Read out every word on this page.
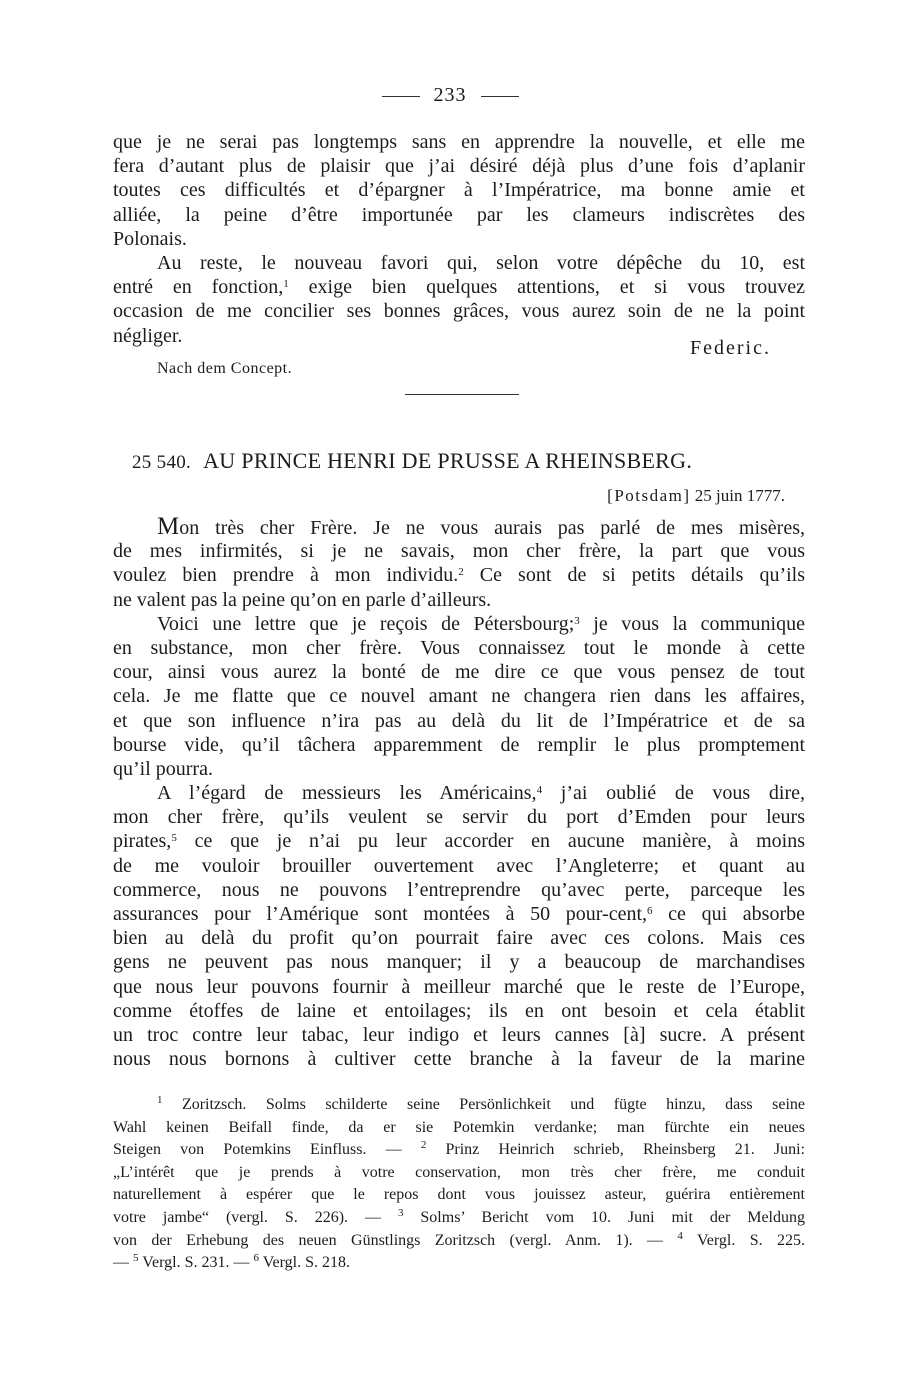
233
que je ne serai pas longtemps sans en apprendre la nouvelle, et elle me
fera d’autant plus de plaisir que j’ai désiré déjà plus d’une fois d’aplanir
toutes ces difficultés et d’épargner à l’Impératrice, ma bonne amie et
alliée, la peine d’être importunée par les clameurs indiscrètes des
Polonais.
Au reste, le nouveau favori qui, selon votre dépêche du 10, est
entré en fonction,$^1$ exige bien quelques attentions, et si vous trouvez
occasion de me concilier ses bonnes grâces, vous aurez soin de ne la point
négliger.
Federic.
Nach dem Concept.
25 540. AU PRINCE HENRI DE PRUSSE A RHEINSBERG.
[Potsdam] 25 juin 1777.
Mon très cher Frère. Je ne vous aurais pas parlé de mes misères,
de mes infirmités, si je ne savais, mon cher frère, la part que vous
voulez bien prendre à mon individu.$^2$ Ce sont de si petits détails qu’ils
ne valent pas la peine qu’on en parle d’ailleurs.
Voici une lettre que je reçois de Pétersbourg;$^3$ je vous la communique
en substance, mon cher frère. Vous connaissez tout le monde à cette
cour, ainsi vous aurez la bonté de me dire ce que vous pensez de tout
cela. Je me flatte que ce nouvel amant ne changera rien dans les affaires,
et que son influence n’ira pas au delà du lit de l’Impératrice et de sa
bourse vide, qu’il tâchera apparemment de remplir le plus promptement
qu’il pourra.
A l’égard de messieurs les Américains,$^4$ j’ai oublié de vous dire,
mon cher frère, qu’ils veulent se servir du port d’Emden pour leurs
pirates,$^5$ ce que je n’ai pu leur accorder en aucune manière, à moins
de me vouloir brouiller ouvertement avec l’Angleterre; et quant au
commerce, nous ne pouvons l’entreprendre qu’avec perte, parceque les
assurances pour l’Amérique sont montées à 50 pour-cent,$^6$ ce qui absorbe
bien au delà du profit qu’on pourrait faire avec ces colons. Mais ces
gens ne peuvent pas nous manquer; il y a beaucoup de marchandises
que nous leur pouvons fournir à meilleur marché que le reste de l’Europe,
comme étoffes de laine et entoilages; ils en ont besoin et cela établit
un troc contre leur tabac, leur indigo et leurs cannes [à] sucre. A présent
nous nous bornons à cultiver cette branche à la faveur de la marine
$^1$ Zoritzsch. Solms schilderte seine Persönlichkeit und fügte hinzu, dass seine
Wahl keinen Beifall finde, da er sie Potemkin verdanke; man fürchte ein neues
Steigen von Potemkins Einfluss. — $^2$ Prinz Heinrich schrieb, Rheinsberg 21. Juni:
„L’intérêt que je prends à votre conservation, mon très cher frère, me conduit
naturellement à espérer que le repos dont vous jouissez asteur, guérira entièrement
votre jambe“ (vergl. S. 226). — $^3$ Solms’ Bericht vom 10. Juni mit der Meldung
von der Erhebung des neuen Günstlings Zoritzsch (vergl. Anm. 1). — $^4$ Vergl. S. 225.
— $^5$ Vergl. S. 231. — $^6$ Vergl. S. 218.
